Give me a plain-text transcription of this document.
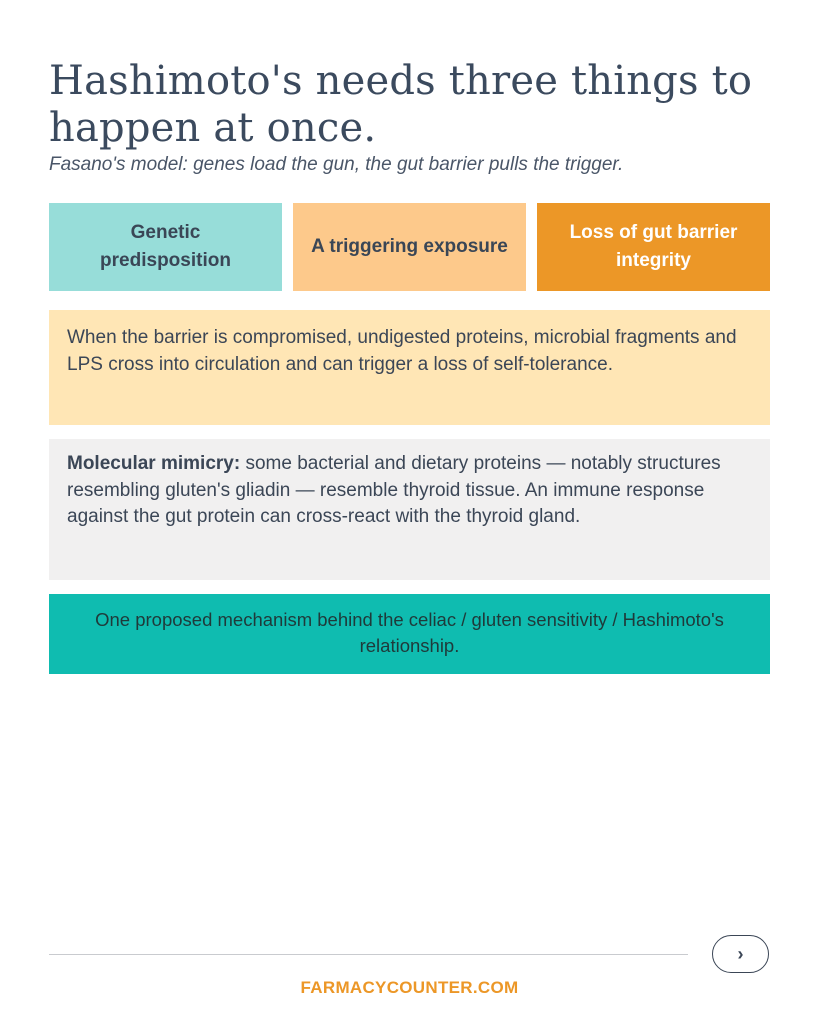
Hashimoto's needs three things to happen at once.

Fasano's model: genes load the gun, the gut barrier pulls the trigger.

Genetic predisposition
A triggering exposure
Loss of gut barrier integrity
When the barrier is compromised, undigested proteins, microbial fragments and LPS cross into circulation and can trigger a loss of self-tolerance.
Molecular mimicry: some bacterial and dietary proteins — notably structures resembling gluten's gliadin — resemble thyroid tissue. An immune response against the gut protein can cross-react with the thyroid gland.
One proposed mechanism behind the celiac / gluten sensitivity / Hashimoto's relationship.
›
FARMACYCOUNTER.COM
